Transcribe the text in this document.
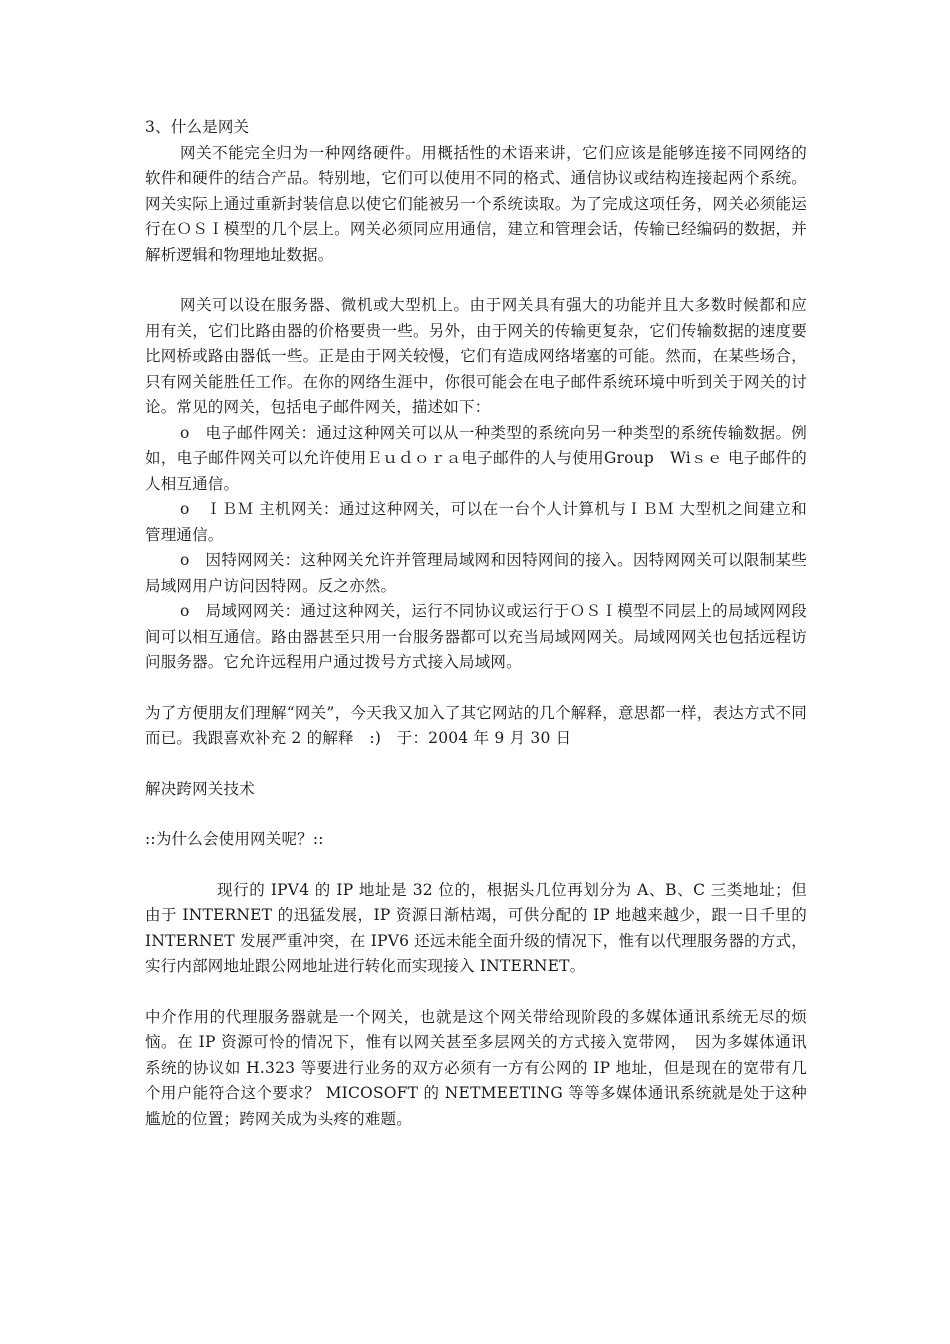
3、什么是网关

网关不能完全归为一种网络硬件。用概括性的术语来讲，它们应该是能够连接不同网络的软件和硬件的结合产品。特别地，它们可以使用不同的格式、通信协议或结构连接起两个系统。网关实际上通过重新封装信息以使它们能被另一个系统读取。为了完成这项任务，网关必须能运行在ＯＳＩ模型的几个层上。网关必须同应用通信，建立和管理会话，传输已经编码的数据，并解析逻辑和物理地址数据。

网关可以设在服务器、微机或大型机上。由于网关具有强大的功能并且大多数时候都和应用有关，它们比路由器的价格要贵一些。另外，由于网关的传输更复杂，它们传输数据的速度要比网桥或路由器低一些。正是由于网关较慢，它们有造成网络堵塞的可能。然而，在某些场合，只有网关能胜任工作。在你的网络生涯中，你很可能会在电子邮件系统环境中听到关于网关的讨论。常见的网关，包括电子邮件网关，描述如下：

o　电子邮件网关：通过这种网关可以从一种类型的系统向另一种类型的系统传输数据。例如，电子邮件网关可以允许使用Ｅｕｄｏｒａ电子邮件的人与使用Group　Wiｓｅ 电子邮件的人相互通信。

o　ＩＢＭ 主机网关：通过这种网关，可以在一台个人计算机与ＩＢＭ 大型机之间建立和管理通信。

o　因特网网关：这种网关允许并管理局域网和因特网间的接入。因特网网关可以限制某些局域网用户访问因特网。反之亦然。

o　局域网网关：通过这种网关，运行不同协议或运行于ＯＳＩ模型不同层上的局域网网段间可以相互通信。路由器甚至只用一台服务器都可以充当局域网网关。局域网网关也包括远程访问服务器。它允许远程用户通过拨号方式接入局域网。

为了方便朋友们理解“网关”，今天我又加入了其它网站的几个解释，意思都一样，表达方式不同而已。我跟喜欢补充 2 的解释　:)　于：2004 年 9 月 30 日

解决跨网关技术

::为什么会使用网关呢？::

现行的 IPV4 的 IP 地址是 32 位的，根据头几位再划分为 A、B、C 三类地址；但由于 INTERNET 的迅猛发展，IP 资源日渐枯竭，可供分配的 IP 地越来越少，跟一日千里的 INTERNET 发展严重冲突，在 IPV6 还远未能全面升级的情况下，惟有以代理服务器的方式，实行内部网地址跟公网地址进行转化而实现接入 INTERNET。

中介作用的代理服务器就是一个网关，也就是这个网关带给现阶段的多媒体通讯系统无尽的烦恼。在 IP 资源可怜的情况下，惟有以网关甚至多层网关的方式接入宽带网，　因为多媒体通讯系统的协议如 H.323 等要进行业务的双方必须有一方有公网的 IP 地址，但是现在的宽带有几个用户能符合这个要求？ MICOSOFT 的 NETMEETING 等等多媒体通讯系统就是处于这种尴尬的位置；跨网关成为头疼的难题。
